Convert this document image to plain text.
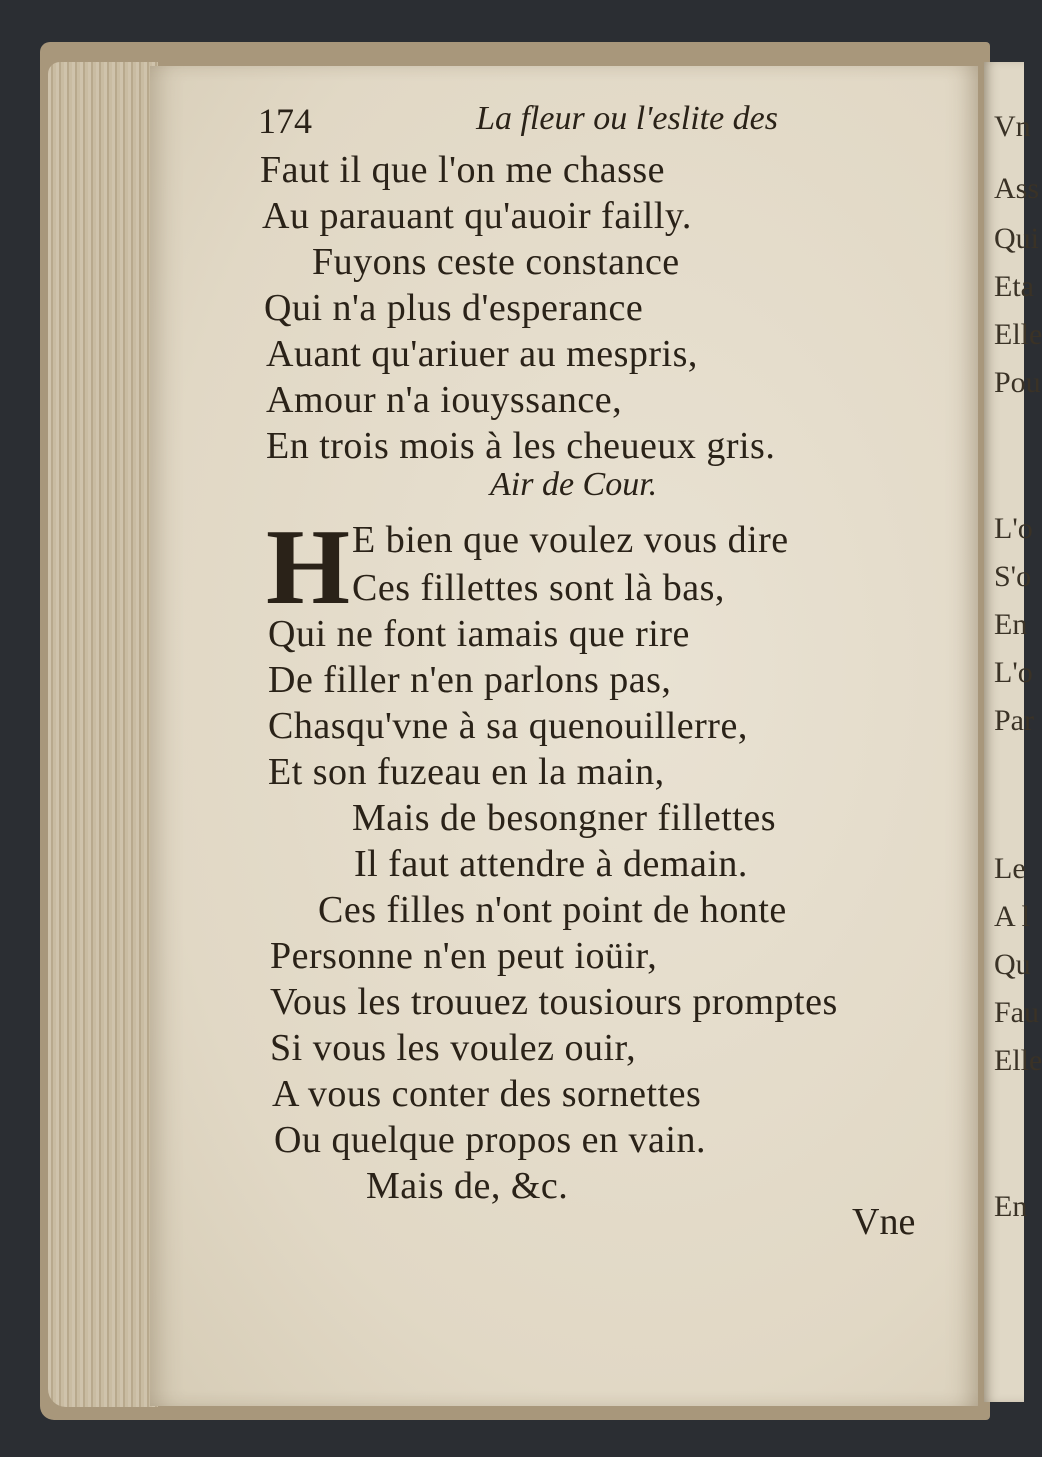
Vn
Ass
Qui
Eta
Elle
Pou
L'o
S'o
En
L'o
Par
Le
A l
Qu
Fau
Elle
En
174	La fleur ou l'eslite des
Faut il que l'on me chasse
Au parauant qu'auoir failly.
Fuyons ceste constance
Qui n'a plus d'esperance
Auant qu'ariuer au mespris,
Amour n'a iouyssance,
En trois mois à les cheueux gris.
Air de Cour.
H E bien que voulez vous dire
Ces fillettes sont là bas,
Qui ne font iamais que rire
De filler n'en parlons pas,
Chasqu'vne à sa quenouillerre,
Et son fuzeau en la main,
Mais de besongner fillettes
Il faut attendre à demain.
Ces filles n'ont point de honte
Personne n'en peut ioüir,
Vous les trouuez tousiours promptes
Si vous les voulez ouir,
A vous conter des sornettes
Ou quelque propos en vain.
Mais de, &c.
Vne
